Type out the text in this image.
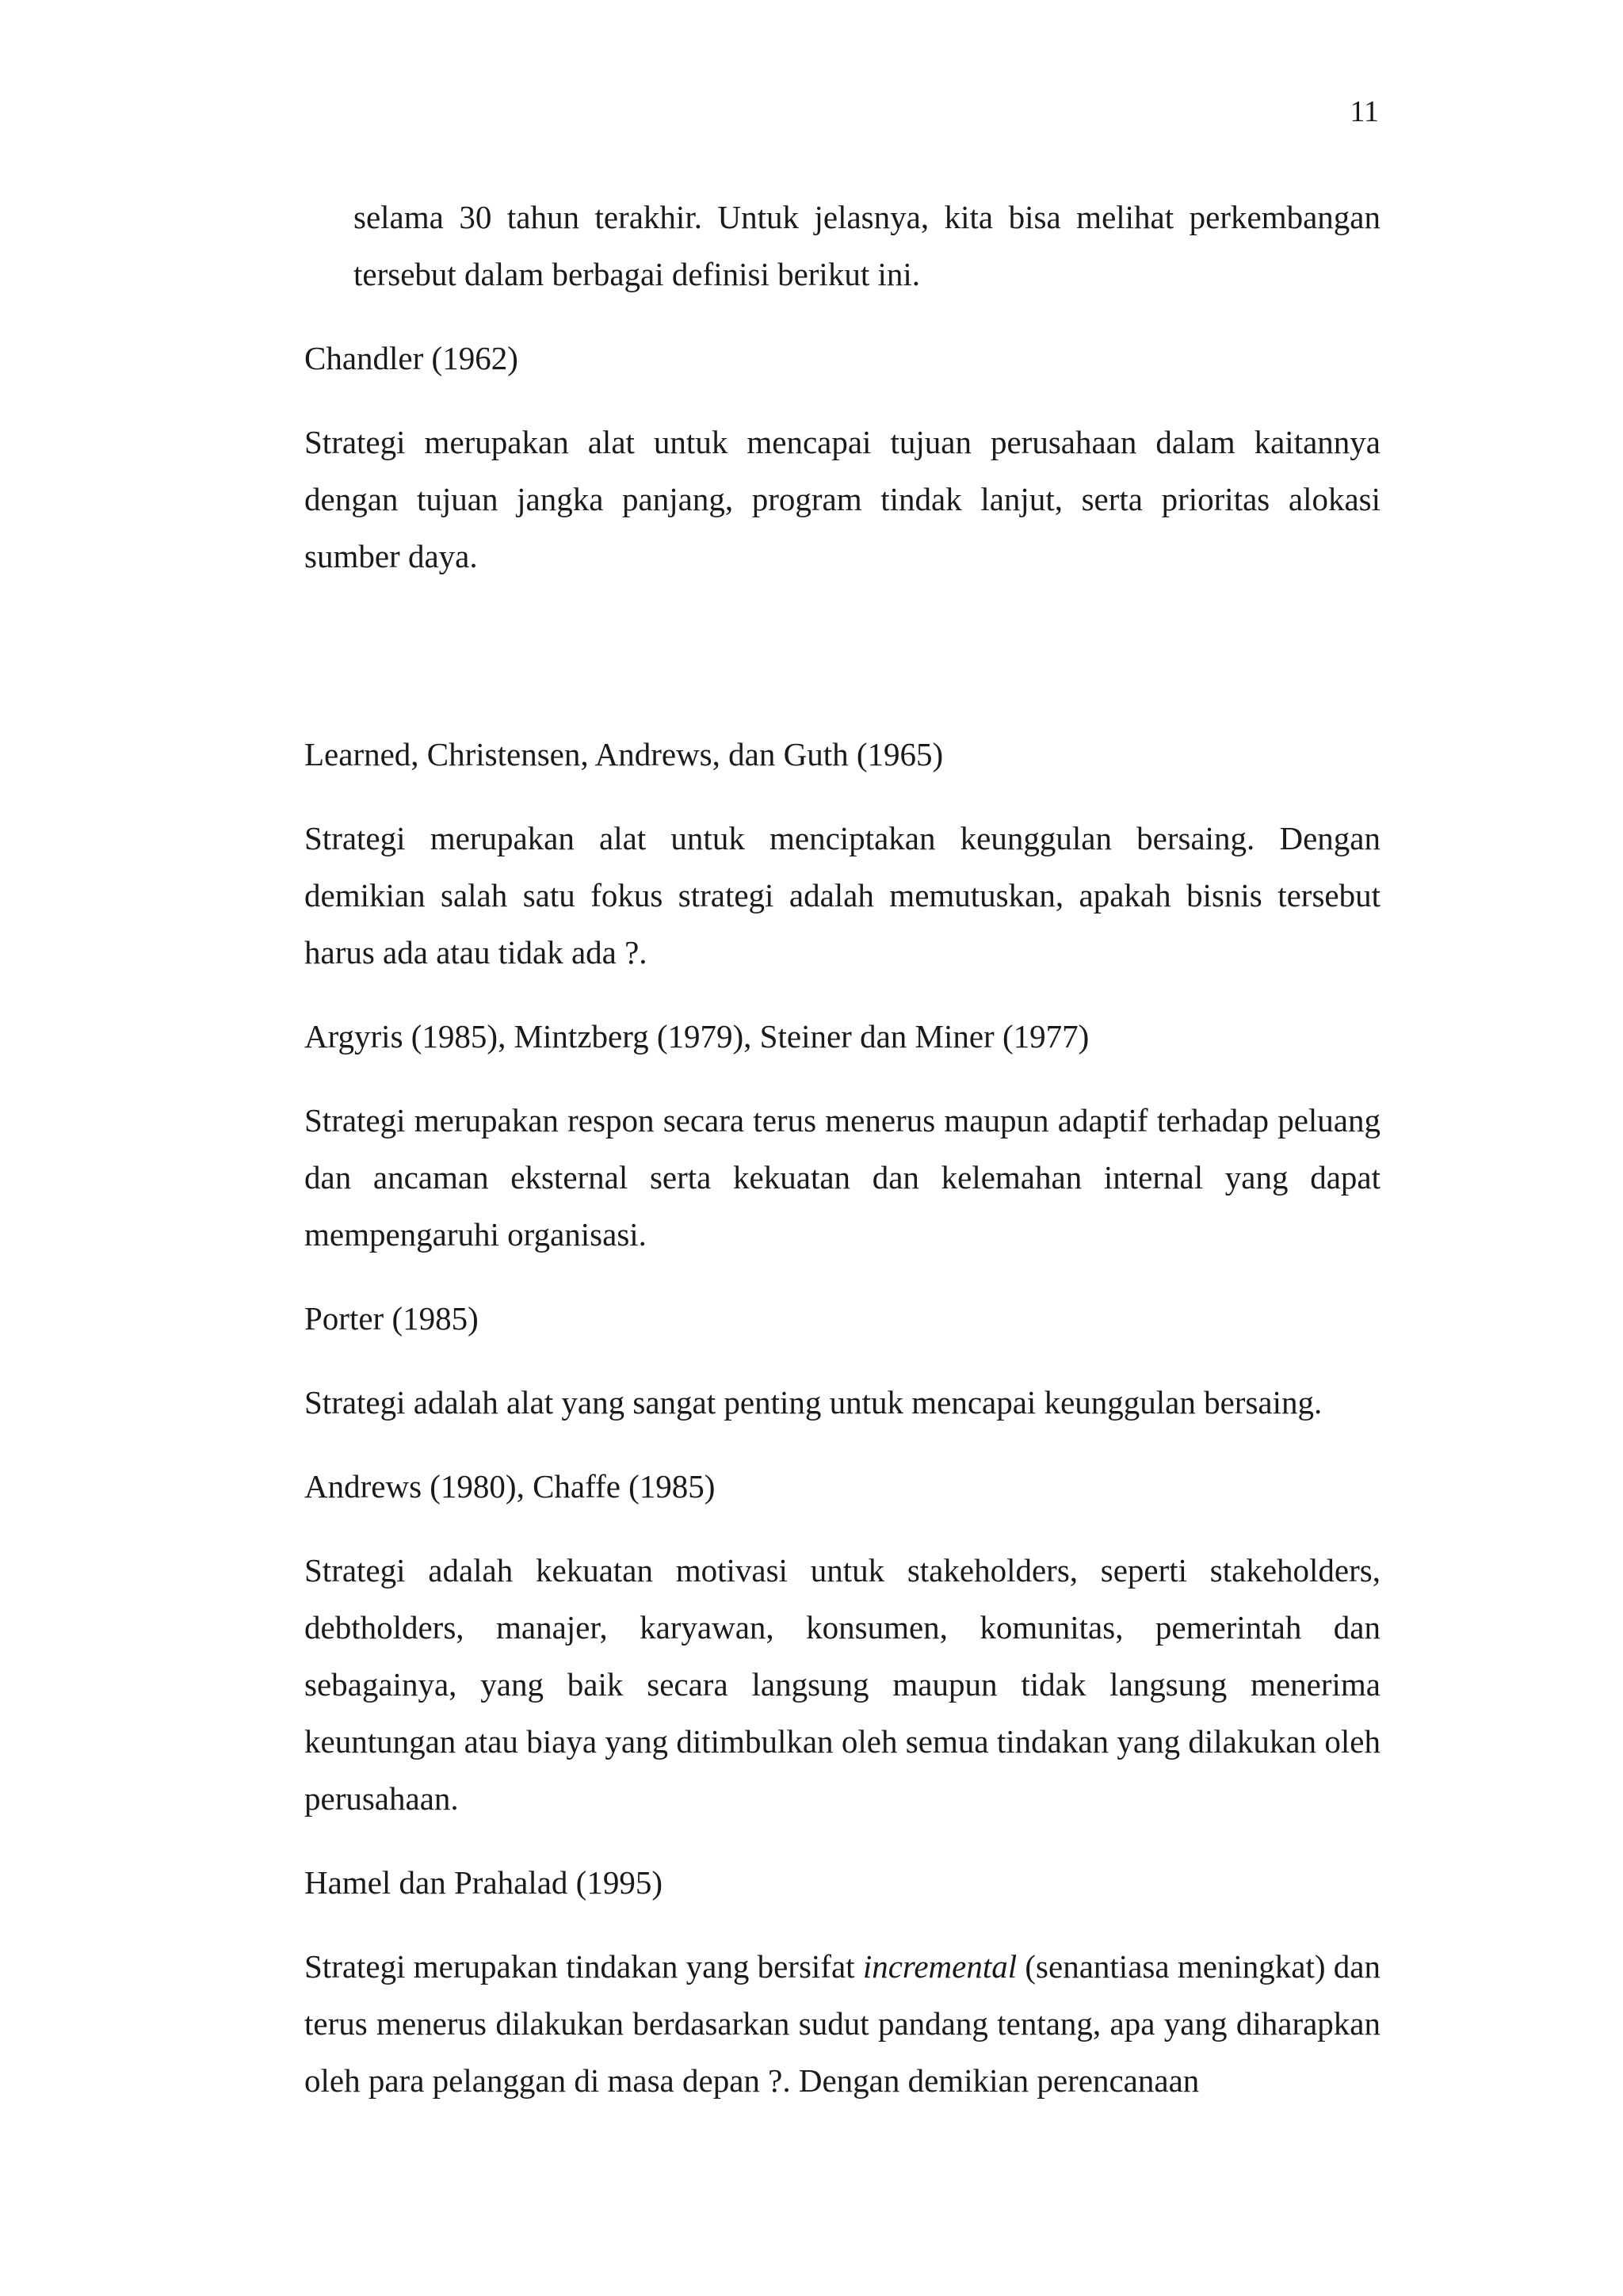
11

selama 30 tahun terakhir. Untuk jelasnya, kita bisa melihat perkembangan tersebut dalam berbagai definisi berikut ini.

Chandler (1962)

Strategi merupakan alat untuk mencapai tujuan perusahaan dalam kaitannya dengan tujuan jangka panjang, program tindak lanjut, serta prioritas alokasi sumber daya.

Learned, Christensen, Andrews, dan Guth (1965)

Strategi merupakan alat untuk menciptakan keunggulan bersaing. Dengan demikian salah satu fokus strategi adalah memutuskan, apakah bisnis tersebut harus ada atau tidak ada ?.

Argyris (1985), Mintzberg (1979), Steiner dan Miner (1977)

Strategi merupakan respon secara terus menerus maupun adaptif terhadap peluang dan ancaman eksternal serta kekuatan dan kelemahan internal yang dapat mempengaruhi organisasi.

Porter (1985)

Strategi adalah alat yang sangat penting untuk mencapai keunggulan bersaing.

Andrews (1980), Chaffe (1985)

Strategi adalah kekuatan motivasi untuk stakeholders, seperti stakeholders, debtholders, manajer, karyawan, konsumen, komunitas, pemerintah dan sebagainya, yang baik secara langsung maupun tidak langsung menerima keuntungan atau biaya yang ditimbulkan oleh semua tindakan yang dilakukan oleh perusahaan.

Hamel dan Prahalad (1995)

Strategi merupakan tindakan yang bersifat incremental (senantiasa meningkat) dan terus menerus dilakukan berdasarkan sudut pandang tentang, apa yang diharapkan oleh para pelanggan di masa depan ?. Dengan demikian perencanaan
